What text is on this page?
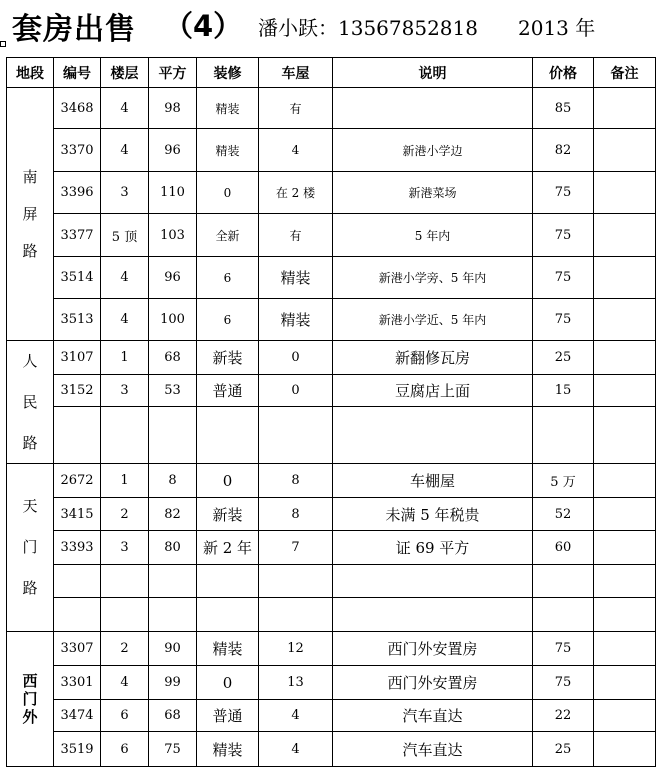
套房出售 （4） 潘小跃：13567852818 2013 年
地段	编号	楼层	平方	装修	车屋	说明	价格	备注

南
屏
路	3468	4	98	精装	有		85	
	3370	4	96	精装	4	新港小学边	82	
	3396	3	110	0	在 2 楼	新港菜场	75	
	3377	5 顶	103	全新	有	5 年内	75	
	3514	4	96	6	精装	新港小学旁、5 年内	75	
	3513	4	100	6	精装	新港小学近、5 年内	75	

人
民
路	3107	1	68	新装	0	新翻修瓦房	25	
	3152	3	53	普通	0	豆腐店上面	15	

天
门
路	2672	1	8	0	8	车棚屋	5 万	
	3415	2	82	新装	8	未满 5 年税贵	52	
	3393	3	80	新 2 年	7	证 69 平方	60	

西
门
外	3307	2	90	精装	12	西门外安置房	75	
	3301	4	99	0	13	西门外安置房	75	
	3474	6	68	普通	4	汽车直达	22	
	3519	6	75	精装	4	汽车直达	25	
